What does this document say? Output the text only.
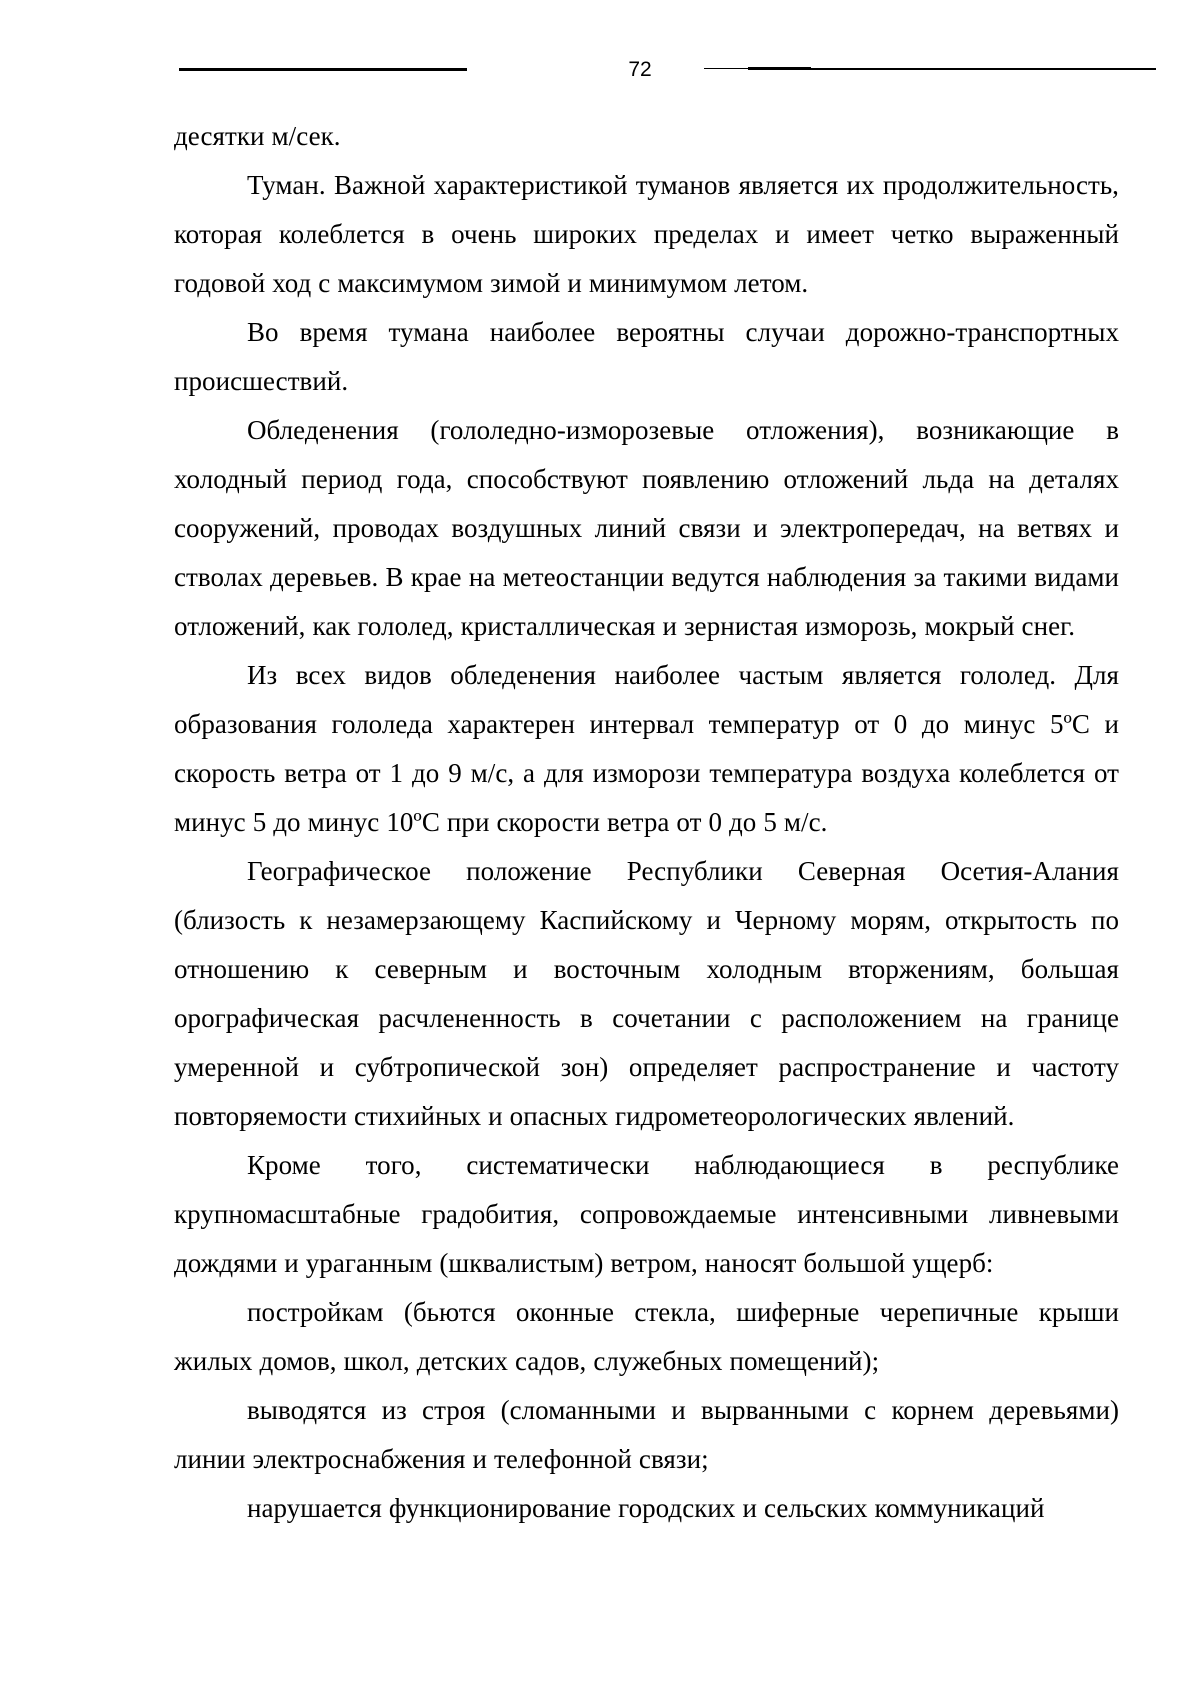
72

десятки м/сек.

Туман. Важной характеристикой туманов является их продолжительность, которая колеблется в очень широких пределах и имеет четко выраженный годовой ход с максимумом зимой и минимумом летом.

Во время тумана наиболее вероятны случаи дорожно-транспортных происшествий.

Обледенения (гололедно-изморозевые отложения), возникающие в холодный период года, способствуют появлению отложений льда на деталях сооружений, проводах воздушных линий связи и электропередач, на ветвях и стволах деревьев. В крае на метеостанции ведутся наблюдения за такими видами отложений, как гололед, кристаллическая и зернистая изморозь, мокрый снег.

Из всех видов обледенения наиболее частым является гололед. Для образования гололеда характерен интервал температур от 0 до минус 5ºС и скорость ветра от 1 до 9 м/с, а для изморози температура воздуха колеблется от минус 5 до минус 10ºС при скорости ветра от 0 до 5 м/с.

Географическое положение Республики Северная Осетия-Алания (близость к незамерзающему Каспийскому и Черному морям, открытость по отношению к северным и восточным холодным вторжениям, большая орографическая расчлененность в сочетании с расположением на границе умеренной и субтропической зон) определяет распространение и частоту повторяемости стихийных и опасных гидрометеорологических явлений.

Кроме того, систематически наблюдающиеся в республике крупномасштабные градобития, сопровождаемые интенсивными ливневыми дождями и ураганным (шквалистым) ветром, наносят большой ущерб:

постройкам (бьются оконные стекла, шиферные черепичные крыши жилых домов, школ, детских садов, служебных помещений);

выводятся из строя (сломанными и вырванными с корнем деревьями) линии электроснабжения и телефонной связи;

нарушается функционирование городских и сельских коммуникаций
